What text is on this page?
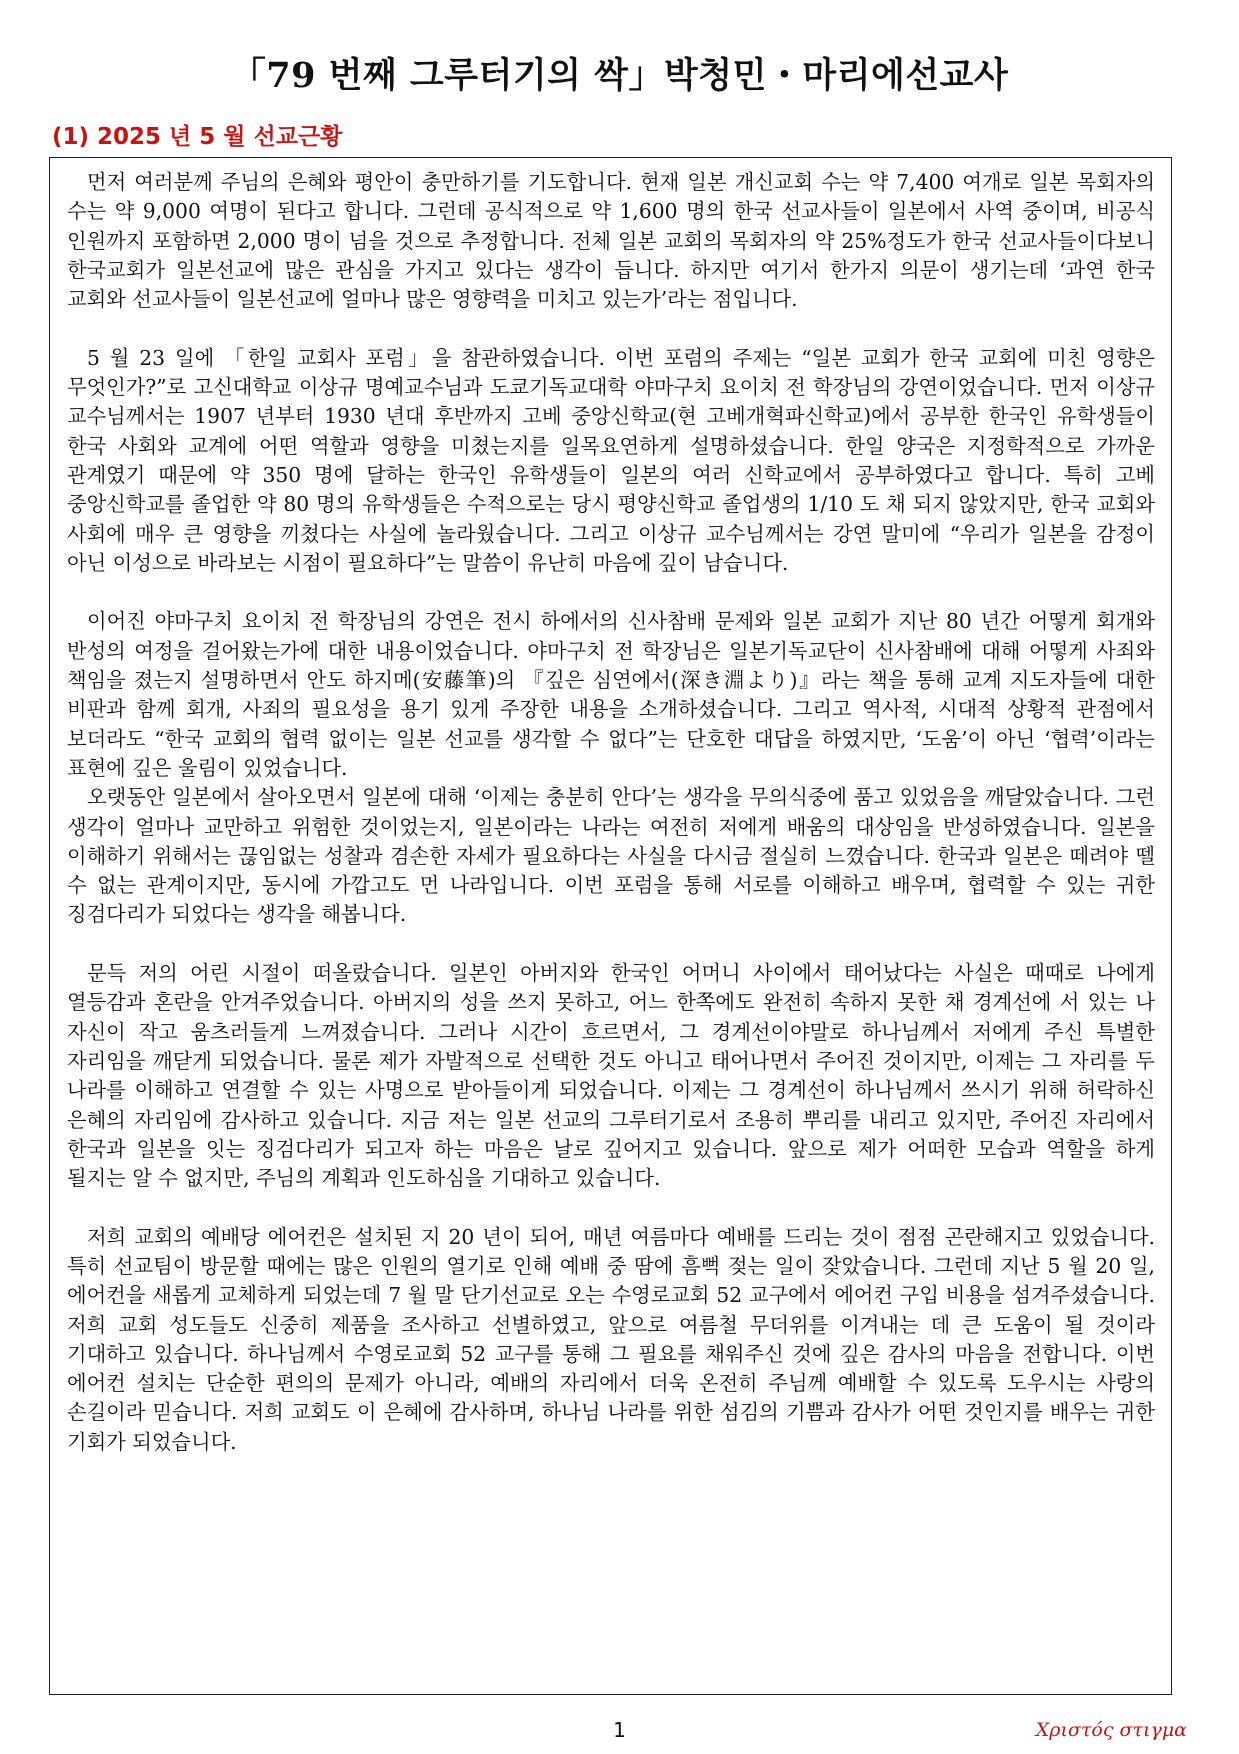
「79 번째 그루터기의 싹」박청민・마리에선교사
(1) 2025 년 5 월 선교근황

먼저 여러분께 주님의 은혜와 평안이 충만하기를 기도합니다. 현재 일본 개신교회 수는 약 7,400 여개로 일본 목회자의 수는 약 9,000 여명이 된다고 합니다. 그런데 공식적으로 약 1,600 명의 한국 선교사들이 일본에서 사역 중이며, 비공식 인원까지 포함하면 2,000 명이 넘을 것으로 추정합니다. 전체 일본 교회의 목회자의 약 25%정도가 한국 선교사들이다보니 한국교회가 일본선교에 많은 관심을 가지고 있다는 생각이 듭니다. 하지만 여기서 한가지 의문이 생기는데 ‘과연 한국 교회와 선교사들이 일본선교에 얼마나 많은 영향력을 미치고 있는가’라는 점입니다.

5 월 23 일에 「한일 교회사 포럼」을 참관하였습니다. 이번 포럼의 주제는 “일본 교회가 한국 교회에 미친 영향은 무엇인가?”로 고신대학교 이상규 명예교수님과 도쿄기독교대학 야마구치 요이치 전 학장님의 강연이었습니다. 먼저 이상규 교수님께서는 1907 년부터 1930 년대 후반까지 고베 중앙신학교(현 고베개혁파신학교)에서 공부한 한국인 유학생들이 한국 사회와 교계에 어떤 역할과 영향을 미쳤는지를 일목요연하게 설명하셨습니다. 한일 양국은 지정학적으로 가까운 관계였기 때문에 약 350 명에 달하는 한국인 유학생들이 일본의 여러 신학교에서 공부하였다고 합니다. 특히 고베 중앙신학교를 졸업한 약 80 명의 유학생들은 수적으로는 당시 평양신학교 졸업생의 1/10 도 채 되지 않았지만, 한국 교회와 사회에 매우 큰 영향을 끼쳤다는 사실에 놀라웠습니다. 그리고 이상규 교수님께서는 강연 말미에 “우리가 일본을 감정이 아닌 이성으로 바라보는 시점이 필요하다”는 말씀이 유난히 마음에 깊이 남습니다.

이어진 야마구치 요이치 전 학장님의 강연은 전시 하에서의 신사참배 문제와 일본 교회가 지난 80 년간 어떻게 회개와 반성의 여정을 걸어왔는가에 대한 내용이었습니다. 야마구치 전 학장님은 일본기독교단이 신사참배에 대해 어떻게 사죄와 책임을 졌는지 설명하면서 안도 하지메(安藤筆)의 『깊은 심연에서(深き淵より)』라는 책을 통해 교계 지도자들에 대한 비판과 함께 회개, 사죄의 필요성을 용기 있게 주장한 내용을 소개하셨습니다. 그리고 역사적, 시대적 상황적 관점에서 보더라도 “한국 교회의 협력 없이는 일본 선교를 생각할 수 없다”는 단호한 대답을 하였지만, ‘도움’이 아닌 ‘협력’이라는 표현에 깊은 울림이 있었습니다.

오랫동안 일본에서 살아오면서 일본에 대해 ‘이제는 충분히 안다’는 생각을 무의식중에 품고 있었음을 깨달았습니다. 그런 생각이 얼마나 교만하고 위험한 것이었는지, 일본이라는 나라는 여전히 저에게 배움의 대상임을 반성하였습니다. 일본을 이해하기 위해서는 끊임없는 성찰과 겸손한 자세가 필요하다는 사실을 다시금 절실히 느꼈습니다. 한국과 일본은 떼려야 뗄 수 없는 관계이지만, 동시에 가깝고도 먼 나라입니다. 이번 포럼을 통해 서로를 이해하고 배우며, 협력할 수 있는 귀한 징검다리가 되었다는 생각을 해봅니다.

문득 저의 어린 시절이 떠올랐습니다. 일본인 아버지와 한국인 어머니 사이에서 태어났다는 사실은 때때로 나에게 열등감과 혼란을 안겨주었습니다. 아버지의 성을 쓰지 못하고, 어느 한쪽에도 완전히 속하지 못한 채 경계선에 서 있는 나 자신이 작고 움츠러들게 느껴졌습니다. 그러나 시간이 흐르면서, 그 경계선이야말로 하나님께서 저에게 주신 특별한 자리임을 깨닫게 되었습니다. 물론 제가 자발적으로 선택한 것도 아니고 태어나면서 주어진 것이지만, 이제는 그 자리를 두 나라를 이해하고 연결할 수 있는 사명으로 받아들이게 되었습니다. 이제는 그 경계선이 하나님께서 쓰시기 위해 허락하신 은혜의 자리임에 감사하고 있습니다. 지금 저는 일본 선교의 그루터기로서 조용히 뿌리를 내리고 있지만, 주어진 자리에서 한국과 일본을 잇는 징검다리가 되고자 하는 마음은 날로 깊어지고 있습니다. 앞으로 제가 어떠한 모습과 역할을 하게 될지는 알 수 없지만, 주님의 계획과 인도하심을 기대하고 있습니다.

저희 교회의 예배당 에어컨은 설치된 지 20 년이 되어, 매년 여름마다 예배를 드리는 것이 점점 곤란해지고 있었습니다. 특히 선교팀이 방문할 때에는 많은 인원의 열기로 인해 예배 중 땀에 흠뻑 젖는 일이 잦았습니다. 그런데 지난 5 월 20 일, 에어컨을 새롭게 교체하게 되었는데 7 월 말 단기선교로 오는 수영로교회 52 교구에서 에어컨 구입 비용을 섬겨주셨습니다. 저희 교회 성도들도 신중히 제품을 조사하고 선별하였고, 앞으로 여름철 무더위를 이겨내는 데 큰 도움이 될 것이라 기대하고 있습니다. 하나님께서 수영로교회 52 교구를 통해 그 필요를 채워주신 것에 깊은 감사의 마음을 전합니다. 이번 에어컨 설치는 단순한 편의의 문제가 아니라, 예배의 자리에서 더욱 온전히 주님께 예배할 수 있도록 도우시는 사랑의 손길이라 믿습니다. 저희 교회도 이 은혜에 감사하며, 하나님 나라를 위한 섬김의 기쁨과 감사가 어떤 것인지를 배우는 귀한 기회가 되었습니다.

1	Χριστός στιγμα
